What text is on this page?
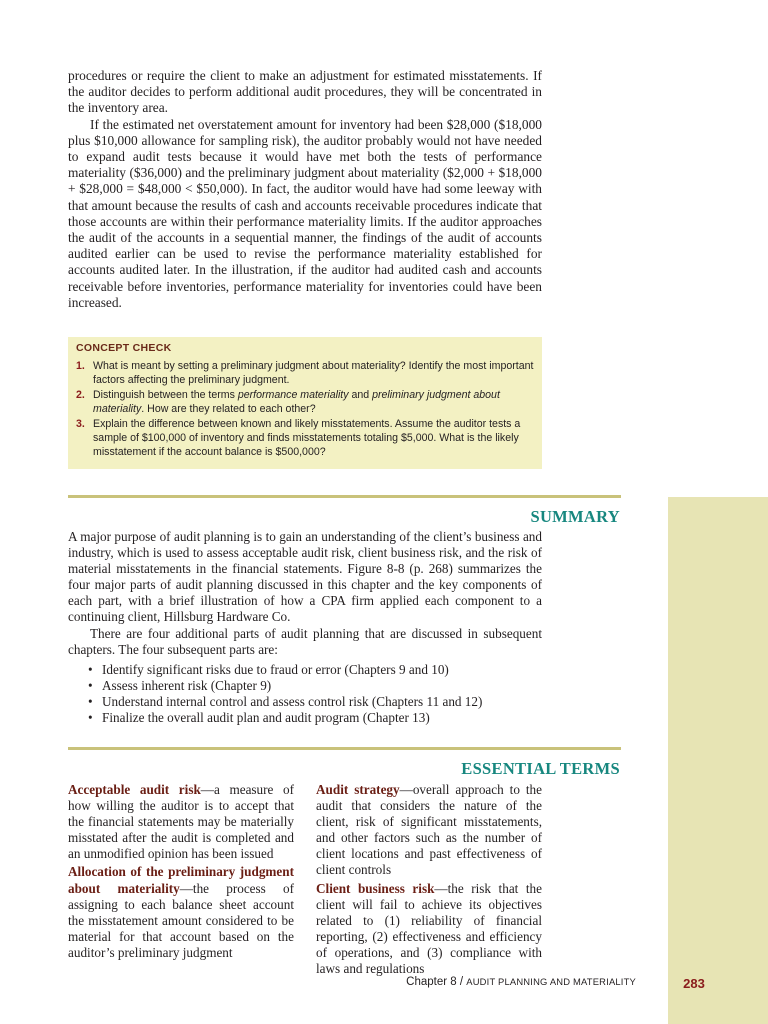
procedures or require the client to make an adjustment for estimated misstatements. If the auditor decides to perform additional audit procedures, they will be concentrated in the inventory area.

If the estimated net overstatement amount for inventory had been $28,000 ($18,000 plus $10,000 allowance for sampling risk), the auditor probably would not have needed to expand audit tests because it would have met both the tests of performance materiality ($36,000) and the preliminary judgment about materiality ($2,000 + $18,000 + $28,000 = $48,000 < $50,000). In fact, the auditor would have had some leeway with that amount because the results of cash and accounts receivable procedures indicate that those accounts are within their performance materiality limits. If the auditor approaches the audit of the accounts in a sequential manner, the findings of the audit of accounts audited earlier can be used to revise the performance materiality established for accounts audited later. In the illustration, if the auditor had audited cash and accounts receivable before inventories, performance materiality for inventories could have been increased.

CONCEPT CHECK
1. What is meant by setting a preliminary judgment about materiality? Identify the most important factors affecting the preliminary judgment.
2. Distinguish between the terms performance materiality and preliminary judgment about materiality. How are they related to each other?
3. Explain the difference between known and likely misstatements. Assume the auditor tests a sample of $100,000 of inventory and finds misstatements totaling $5,000. What is the likely misstatement if the account balance is $500,000?
SUMMARY

A major purpose of audit planning is to gain an understanding of the client’s business and industry, which is used to assess acceptable audit risk, client business risk, and the risk of material misstatements in the financial statements. Figure 8-8 (p. 268) summarizes the four major parts of audit planning discussed in this chapter and the key components of each part, with a brief illustration of how a CPA firm applied each component to a continuing client, Hillsburg Hardware Co.

There are four additional parts of audit planning that are discussed in subsequent chapters. The four subsequent parts are:

• Identify significant risks due to fraud or error (Chapters 9 and 10)
• Assess inherent risk (Chapter 9)
• Understand internal control and assess control risk (Chapters 11 and 12)
• Finalize the overall audit plan and audit program (Chapter 13)
ESSENTIAL TERMS

Acceptable audit risk—a measure of how willing the auditor is to accept that the financial statements may be materially misstated after the audit is completed and an unmodified opinion has been issued

Allocation of the preliminary judgment about materiality—the process of assigning to each balance sheet account the misstatement amount considered to be material for that account based on the auditor’s preliminary judgment

Audit strategy—overall approach to the audit that considers the nature of the client, risk of significant misstatements, and other factors such as the number of client locations and past effectiveness of client controls

Client business risk—the risk that the client will fail to achieve its objectives related to (1) reliability of financial reporting, (2) effectiveness and efficiency of operations, and (3) compliance with laws and regulations

Chapter 8 / AUDIT PLANNING AND MATERIALITY	283
